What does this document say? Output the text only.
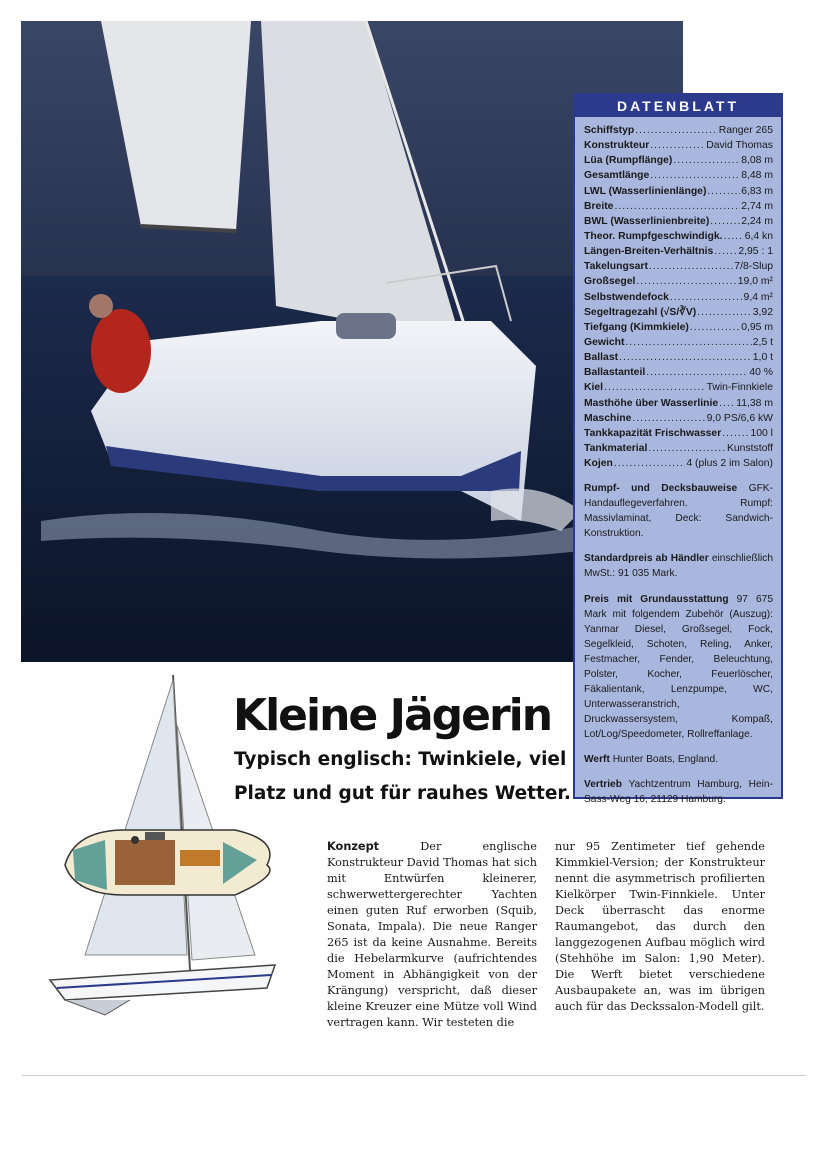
DATENBLATT
Schiffstyp .....	Ranger 265
Konstrukteur .....	David Thomas
Lüa (Rumpflänge) .....	8,08 m
Gesamtlänge .....	8,48 m
LWL (Wasserlinienlänge) .....	6,83 m
Breite .....	2,74 m
BWL (Wasserlinienbreite) .....	2,24 m
Theor. Rumpfgeschwindigk. ..... 6,4 kn
Längen-Breiten-Verhältnis ..... 2,95 : 1
Takelungsart .....	7/8-Slup
Großsegel .....	19,0 m²
Selbstwendefock .....	9,4 m²
Segeltragezahl (√S/∛V) .....	3,92
Tiefgang (Kimmkiele) .....	0,95 m
Gewicht .....	2,5 t
Ballast .....	1,0 t
Ballastanteil .....	40 %
Kiel .....	Twin-Finnkiele
Masthöhe über Wasserlinie ..... 11,38 m
Maschine .....	9,0 PS/6,6 kW
Tankkapazität Frischwasser .....	100 l
Tankmaterial .....	Kunststoff
Kojen .....	4 (plus 2 im Salon)

Rumpf- und Decksbauweise GFK-Handauflegeverfahren. Rumpf: Massivlaminat, Deck: Sandwich-Konstruktion.

Standardpreis ab Händler einschließlich MwSt.: 91 035 Mark.

Preis mit Grundausstattung 97 675 Mark mit folgendem Zubehör (Auszug): Yanmar Diesel, Großsegel, Fock, Segelkleid, Schoten, Reling, Anker, Festmacher, Fender, Beleuchtung, Polster, Kocher, Feuerlöscher, Fäkalientank, Lenzpumpe, WC, Unterwasseranstrich, Druckwassersystem, Kompaß, Lot/Log/Speedometer, Rollreffanlage.

Werft Hunter Boats, England.

Vertrieb Yachtzentrum Hamburg, Hein-Sass-Weg 16, 21129 Hamburg.

Kleine Jägerin
Typisch englisch: Twinkiele, viel
Platz und gut für rauhes Wetter.
Konzept	Der englische Konstrukteur David Thomas hat sich mit Entwürfen kleinerer, schwerwettergerechter Yachten einen guten Ruf erworben (Squib, Sonata, Impala). Die neue Ranger 265 ist da keine Ausnahme. Bereits die Hebelarmkurve (aufrichtendes Moment in Abhängigkeit von der Krängung) verspricht, daß dieser kleine Kreuzer eine Mütze voll Wind vertragen kann. Wir testeten die
nur 95 Zentimeter tief gehende Kimmkiel-Version; der Konstrukteur nennt die asymmetrisch profilierten Kielkörper Twin-Finnkiele. Unter Deck überrascht das enorme Raumangebot, das durch den langgezogenen Aufbau möglich wird (Stehhöhe im Salon: 1,90 Meter). Die Werft bietet verschiedene Ausbaupakete an, was im übrigen auch für das Deckssalon-Modell gilt.
